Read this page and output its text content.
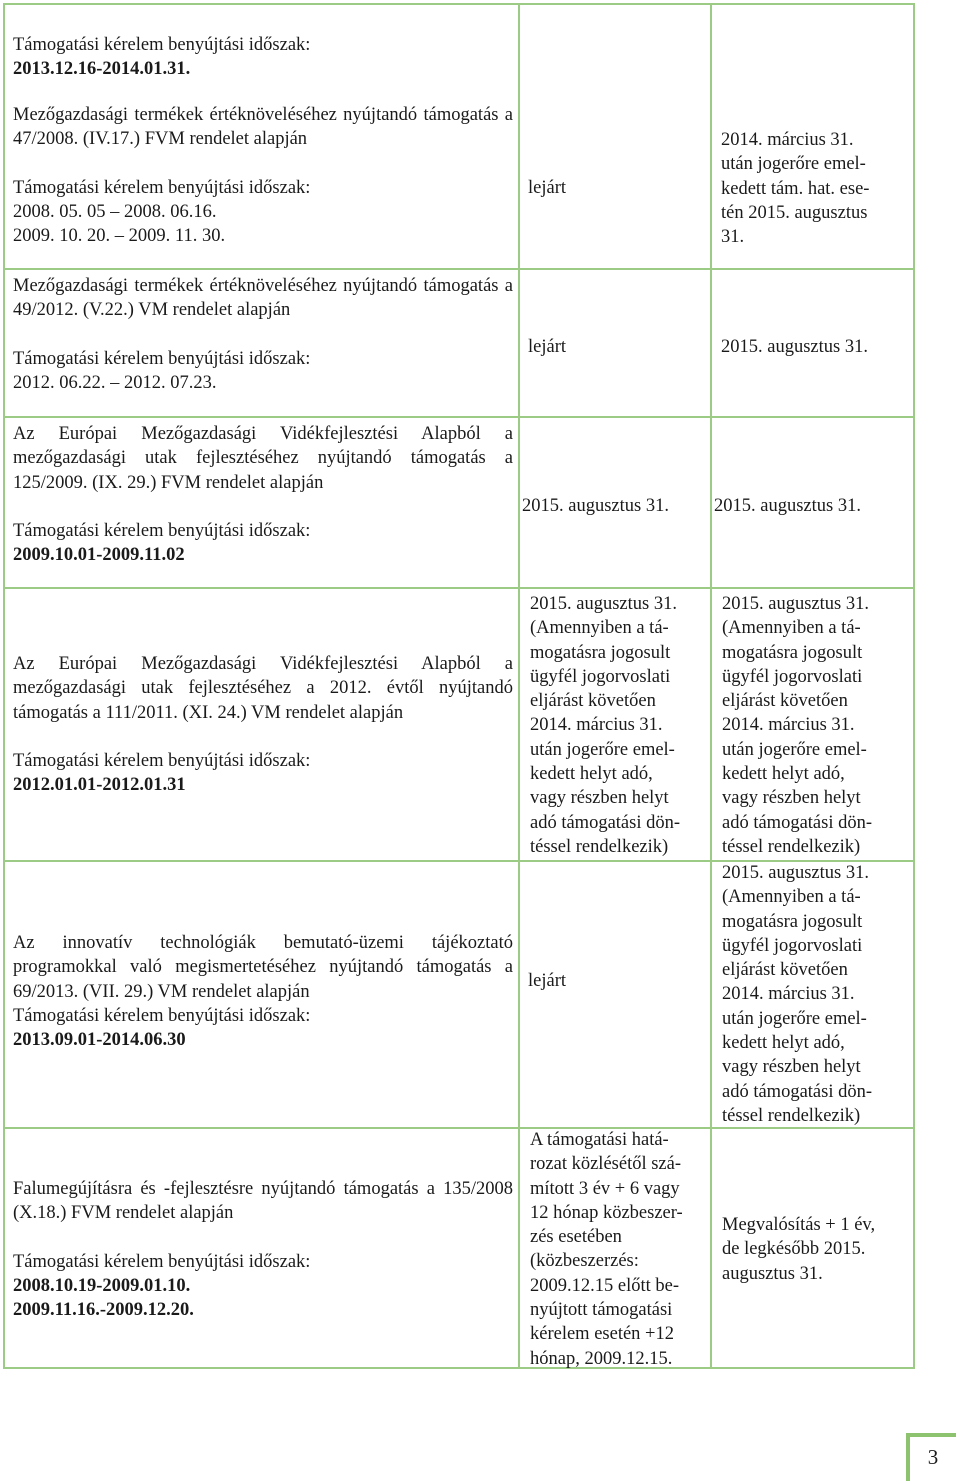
Támogatási kérelem benyújtási időszak:

2013.12.16-2014.01.31.

Mezőgazdasági termékek értéknöveléséhez nyújtandó támogatás a 47/2008. (IV.17.) FVM rendelet alapján

Támogatási kérelem benyújtási időszak:

2008. 05. 05 – 2008. 06.16.

2009. 10. 20. – 2009. 11. 30.

lejárt

2014. március 31.

után jogerőre emel-

kedett tám. hat. ese-

tén 2015. augusztus

31.

Mezőgazdasági termékek értéknöveléséhez nyújtandó támogatás a 49/2012. (V.22.) VM rendelet alapján

Támogatási kérelem benyújtási időszak:

2012. 06.22. – 2012. 07.23.

lejárt	2015. augusztus 31.

Az Európai Mezőgazdasági Vidékfejlesztési Alapból a mezőgazdasági utak fejlesztéséhez nyújtandó támogatás a 125/2009. (IX. 29.) FVM rendelet alapján

Támogatási kérelem benyújtási időszak:

2009.10.01-2009.11.02

2015. augusztus 31.	2015. augusztus 31.

Az Európai Mezőgazdasági Vidékfejlesztési Alapból a mezőgazdasági utak fejlesztéséhez a 2012. évtől nyújtandó támogatás a 111/2011. (XI. 24.) VM rendelet alapján

Támogatási kérelem benyújtási időszak:

2012.01.01-2012.01.31

2015. augusztus 31.

(Amennyiben a tá-

mogatásra jogosult

ügyfél jogorvoslati

eljárást követően

2014. március 31.

után jogerőre emel-

kedett helyt adó,

vagy részben helyt

adó támogatási dön-

téssel rendelkezik)

2015. augusztus 31.

(Amennyiben a tá-

mogatásra jogosult

ügyfél jogorvoslati

eljárást követően

2014. március 31.

után jogerőre emel-

kedett helyt adó,

vagy részben helyt

adó támogatási dön-

téssel rendelkezik)

Az innovatív technológiák bemutató-üzemi tájékoztató programokkal való megismertetéséhez nyújtandó támogatás a 69/2013. (VII. 29.) VM rendelet alapján

Támogatási kérelem benyújtási időszak:

2013.09.01-2014.06.30

lejárt

2015. augusztus 31.

(Amennyiben a tá-

mogatásra jogosult

ügyfél jogorvoslati

eljárást követően

2014. március 31.

után jogerőre emel-

kedett helyt adó,

vagy részben helyt

adó támogatási dön-

téssel rendelkezik)

Falumegújításra és -fejlesztésre nyújtandó támogatás a 135/2008 (X.18.) FVM rendelet alapján

Támogatási kérelem benyújtási időszak:

2008.10.19-2009.01.10.

2009.11.16.-2009.12.20.

A támogatási hatá-

rozat közlésétől szá-

mított 3 év + 6 vagy

12 hónap közbeszer-

zés esetében

(közbeszerzés:

2009.12.15 előtt be-

nyújtott támogatási

kérelem esetén +12

hónap, 2009.12.15.

Megvalósítás + 1 év,

de legkésőbb 2015.

augusztus 31.

3
